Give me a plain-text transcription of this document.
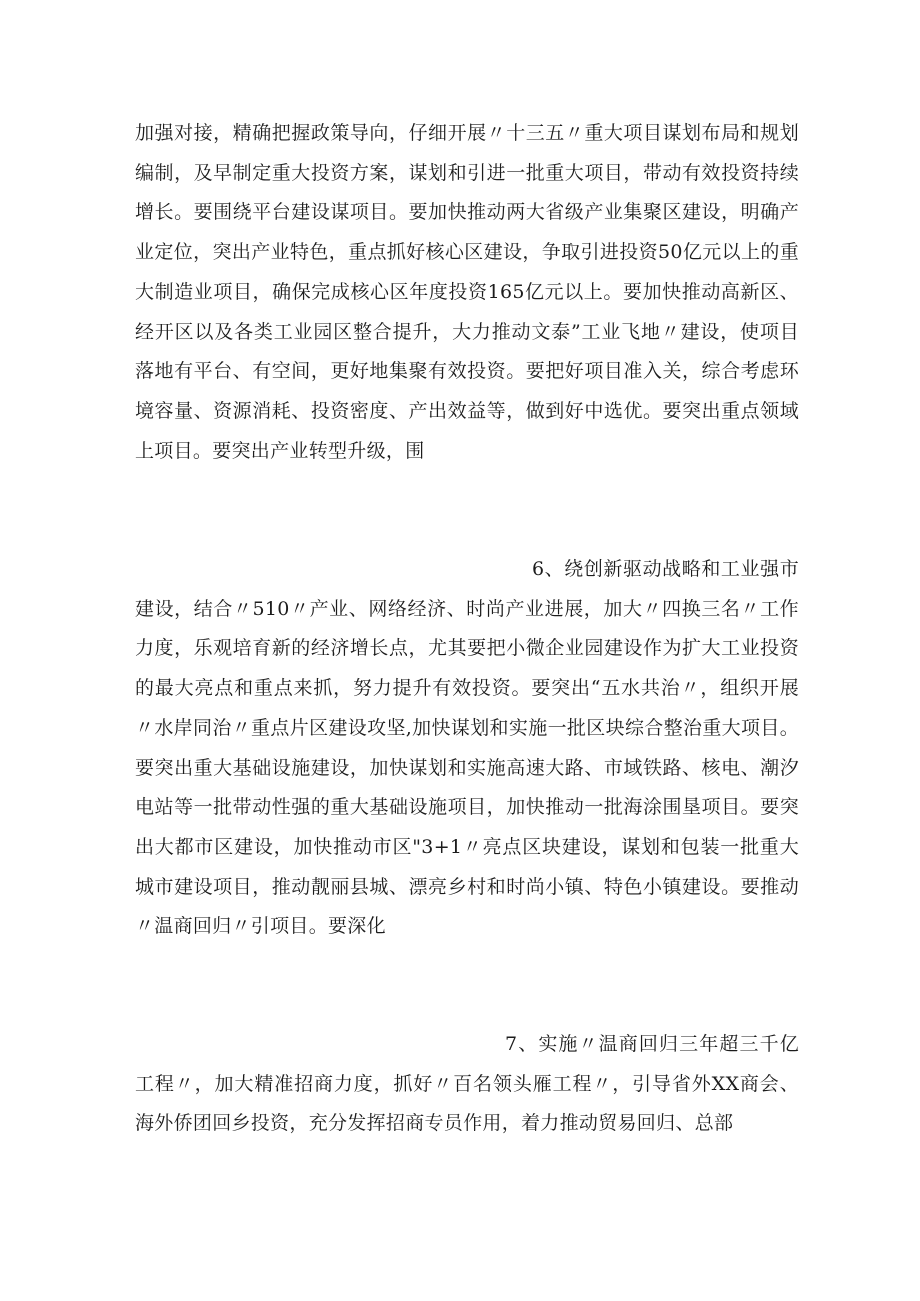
加强对接，精确把握政策导向，仔细开展〃十三五〃重大项目谋划布局和规划编制，及早制定重大投资方案，谋划和引进一批重大项目，带动有效投资持续增长。要围绕平台建设谋项目。要加快推动两大省级产业集聚区建设，明确产业定位，突出产业特色，重点抓好核心区建设，争取引进投资50亿元以上的重大制造业项目，确保完成核心区年度投资165亿元以上。要加快推动高新区、经开区以及各类工业园区整合提升，大力推动文泰”工业飞地〃建设，使项目落地有平台、有空间，更好地集聚有效投资。要把好项目准入关，综合考虑环境容量、资源消耗、投资密度、产出效益等，做到好中选优。要突出重点领域上项目。要突出产业转型升级，围

6、绕创新驱动战略和工业强市建设，结合〃510〃产业、网络经济、时尚产业进展，加大〃四换三名〃工作力度，乐观培育新的经济增长点，尤其要把小微企业园建设作为扩大工业投资的最大亮点和重点来抓，努力提升有效投资。要突出“五水共治〃，组织开展〃水岸同治〃重点片区建设攻坚,加快谋划和实施一批区块综合整治重大项目。要突出重大基础设施建设，加快谋划和实施高速大路、市域铁路、核电、潮汐电站等一批带动性强的重大基础设施项目，加快推动一批海涂围垦项目。要突出大都市区建设，加快推动市区"3+1〃亮点区块建设，谋划和包装一批重大城市建设项目，推动靓丽县城、漂亮乡村和时尚小镇、特色小镇建设。要推动〃温商回归〃引项目。要深化

7、实施〃温商回归三年超三千亿工程〃，加大精准招商力度，抓好〃百名领头雁工程〃，引导省外XX商会、海外侨团回乡投资，充分发挥招商专员作用，着力推动贸易回归、总部
